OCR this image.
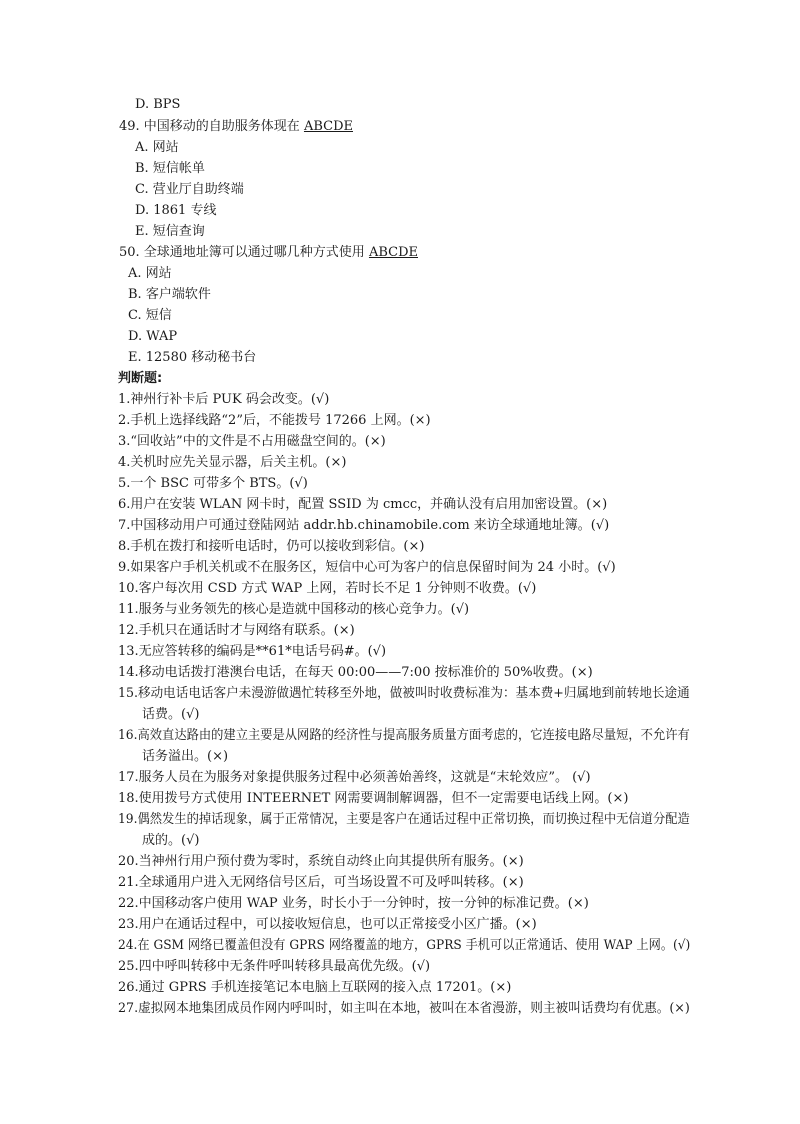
D. BPS
49. 中国移动的自助服务体现在 ABCDE
A. 网站
B. 短信帐单
C. 营业厅自助终端
D. 1861 专线
E. 短信查询
50. 全球通地址簿可以通过哪几种方式使用 ABCDE
A. 网站
B. 客户端软件
C. 短信
D. WAP
E. 12580 移动秘书台
判断题:
1.神州行补卡后 PUK 码会改变。(√)
2.手机上选择线路“2”后，不能拨号 17266 上网。(×)
3.“回收站”中的文件是不占用磁盘空间的。(×)
4.关机时应先关显示器，后关主机。(×)
5.一个 BSC 可带多个 BTS。(√)
6.用户在安装 WLAN 网卡时，配置 SSID 为 cmcc，并确认没有启用加密设置。(×)
7.中国移动用户可通过登陆网站 addr.hb.chinamobile.com 来访全球通地址簿。(√)
8.手机在拨打和接听电话时，仍可以接收到彩信。(×)
9.如果客户手机关机或不在服务区，短信中心可为客户的信息保留时间为 24 小时。(√)
10.客户每次用 CSD 方式 WAP 上网，若时长不足 1 分钟则不收费。(√)
11.服务与业务领先的核心是造就中国移动的核心竞争力。(√)
12.手机只在通话时才与网络有联系。(×)
13.无应答转移的编码是**61*电话号码#。(√)
14.移动电话拨打港澳台电话，在每天 00:00——7:00 按标准价的 50%收费。(×)
15.移动电话电话客户未漫游做遇忙转移至外地，做被叫时收费标准为：基本费+归属地到前转地长途通
话费。(√)
16.高效直达路由的建立主要是从网路的经济性与提高服务质量方面考虑的，它连接电路尽量短，不允许有
话务溢出。(×)
17.服务人员在为服务对象提供服务过程中必须善始善终，这就是“末轮效应”。 (√)
18.使用拨号方式使用 INTEERNET 网需要调制解调器，但不一定需要电话线上网。(×)
19.偶然发生的掉话现象，属于正常情况，主要是客户在通话过程中正常切换，而切换过程中无信道分配造
成的。(√)
20.当神州行用户预付费为零时，系统自动终止向其提供所有服务。(×)
21.全球通用户进入无网络信号区后，可当场设置不可及呼叫转移。(×)
22.中国移动客户使用 WAP 业务，时长小于一分钟时，按一分钟的标准记费。(×)
23.用户在通话过程中，可以接收短信息，也可以正常接受小区广播。(×)
24.在 GSM 网络已覆盖但没有 GPRS 网络覆盖的地方，GPRS 手机可以正常通话、使用 WAP 上网。(√)
25.四中呼叫转移中无条件呼叫转移具最高优先级。(√)
26.通过 GPRS 手机连接笔记本电脑上互联网的接入点 17201。(×)
27.虚拟网本地集团成员作网内呼叫时，如主叫在本地，被叫在本省漫游，则主被叫话费均有优惠。(×)
